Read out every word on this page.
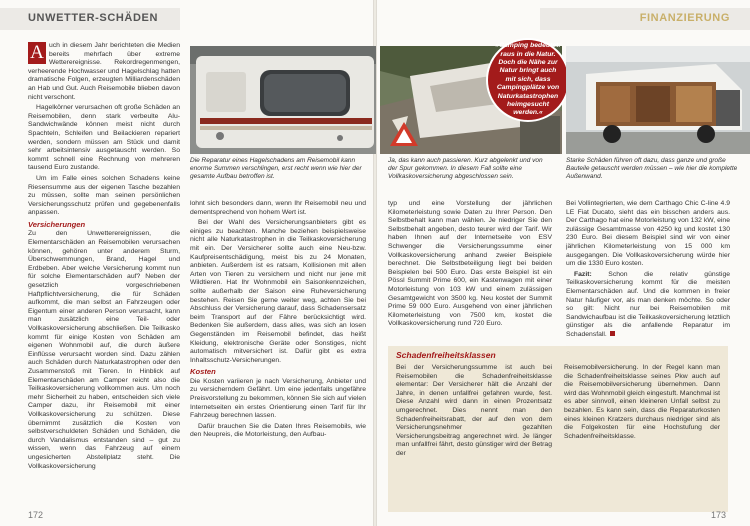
UNWETTER-SCHÄDEN	FINANZIERUNG

A uch in diesem Jahr berichteten die Medien bereits mehrfach über extreme Wetterereignisse. Rekordregenmengen, verheerende Hochwasser und Hagelschlag hatten dramatische Folgen, erzeugten Milliardenschäden an Hab und Gut. Auch Reisemobile blieben davon nicht verschont.

Hagelkörner verursachen oft große Schäden an Reisemobilen, denn stark verbeulte Alu-Sandwichwände können meist nicht durch Spachteln, Schleifen und Beilackieren repariert werden, sondern müssen am Stück und damit sehr arbeitsintensiv ausgetauscht werden. So kommt schnell eine Rechnung von mehreren tausend Euro zustande.

Um im Falle eines solchen Schadens keine Riesensumme aus der eigenen Tasche bezahlen zu müssen, sollte man seinen persönlichen Versicherungsschutz prüfen und gegebenenfalls anpassen.

Versicherungen

Zu den Unwetterereignissen, die Elementarschäden an Reisemobilen verursachen können, gehören unter anderem Sturm, Überschwemmungen, Brand, Hagel und Erdbeben. Aber welche Versicherung kommt nun für solche Elementarschäden auf? Neben der gesetzlich vorgeschriebenen Haftpflichtversicherung, die für Schäden aufkommt, die man selbst an Fahrzeugen oder Eigentum einer anderen Person verursacht, kann man zusätzlich eine Teil- oder Vollkaskoversicherung abschließen. Die Teilkasko kommt für einige Kosten von Schäden am eigenen Wohnmobil auf, die durch äußere Einflüsse verursacht worden sind. Dazu zählen auch Schäden durch Naturkatastrophen oder den Zusammenstoß mit Tieren. In Hinblick auf Elementarschäden am Camper reicht also die Teilkaskoversicherung vollkommen aus. Um noch mehr Sicherheit zu haben, entscheiden sich viele Camper dazu, ihr Reisemobil mit einer Vollkaskoversicherung zu schützen. Diese übernimmt zusätzlich die Kosten von selbstverschuldeten Schäden und Schäden, die durch Vandalismus entstanden sind – gut zu wissen, wenn das Fahrzeug auf einem ungesicherten Abstellplatz steht. Die Vollkaskoversicherung

Die Reparatur eines Hagelschadens am Reisemobil kann enorme Summen verschlingen, erst recht wenn wie hier der gesamte Aufbau betroffen ist.

lohnt sich besonders dann, wenn Ihr Reisemobil neu und dementsprechend von hohem Wert ist.

Bei der Wahl des Versicherungsanbieters gibt es einiges zu beachten. Manche beziehen beispielsweise nicht alle Naturkatastrophen in die Teilkaskoversicherung mit ein. Der Versicherer sollte auch eine Neu-bzw. Kaufpreisentschädigung, meist bis zu 24 Monaten, anbieten. Außerdem ist es ratsam, Kollisionen mit allen Arten von Tieren zu versichern und nicht nur jene mit Wildtieren. Hat Ihr Wohnmobil ein Saisonkennzeichen, sollte außerhalb der Saison eine Ruheversicherung bestehen. Reisen Sie gerne weiter weg, achten Sie bei Abschluss der Versicherung darauf, dass Schadensersatz beim Transport auf der Fähre berücksichtigt wird. Bedenken Sie außerdem, dass alles, was sich an losen Gegenständen im Reisemobil befindet, das heißt Kleidung, elektronische Geräte oder Sonstiges, nicht automatisch mitversichert ist. Dafür gibt es extra Inhaltsschutz-Versicherungen.

Kosten

Die Kosten variieren je nach Versicherung, Anbieter und zu versicherndem Gefährt. Um eine jedenfalls ungefähre Preisvorstellung zu bekommen, können Sie sich auf vielen Internetseiten ein erstes Orientierung einen Tarif für Ihr Fahrzeug berechnen lassen.

Dafür brauchen Sie die Daten Ihres Reisemobils, wie den Neupreis, die Motorleistung, den Aufbau-

172
Ja, das kann auch passieren. Kurz abgelenkt und von der Spur gekommen. In diesem Fall sollte eine Vollkaskoversicherung abgeschlossen sein.
»Camping bedeutet: raus in die Natur. Doch die Nähe zur Natur bringt auch mit sich, dass Campingplätze von Naturkatastrophen heimgesucht werden.«
Starke Schäden führen oft dazu, dass ganze und große Bauteile getauscht werden müssen – wie hier die komplette Außenwand.

typ und eine Vorstellung der jährlichen Kilometerleistung sowie Daten zu Ihrer Person. Den Selbstbehalt kann man wählen. Je niedriger Sie den Selbstbehalt angeben, desto teurer wird der Tarif. Wir haben Ihnen auf der Internetseite von ESV Schwenger die Versicherungssumme einer Vollkaskoversicherung anhand zweier Beispiele berechnet. Die Selbstbeteiligung liegt bei beiden Beispielen bei 500 Euro. Das erste Beispiel ist ein Pössl Summit Prime 600, ein Kastenwagen mit einer Motorleistung von 103 kW und einem zulässigen Gesamtgewicht von 3500 kg. Neu kostet der Summit Prime 59 000 Euro. Ausgehend von einer jährlichen Kilometerleistung von 7500 km, kostet die Vollkaskoversicherung rund 720 Euro.

Bei Vollintegrierten, wie dem Carthago Chic C-line 4.9 LE Fiat Ducato, sieht das ein bisschen anders aus. Der Carthago hat eine Motorleistung von 132 kW, eine zulässige Gesamtmasse von 4250 kg und kostet 130 230 Euro. Bei diesem Beispiel sind wir von einer jährlichen Kilometerleistung von 15 000 km ausgegangen. Die Vollkaskoversicherung würde hier um die 1330 Euro kosten.

Fazit: Schon die relativ günstige Teilkaskoversicherung kommt für die meisten Elementarschäden auf. Und die kommen in freier Natur häufiger vor, als man denken möchte. So oder so gilt: Nicht nur bei Reisemobilen mit Sandwichaufbau ist die Teilkaskoversicherung letztlich günstiger als die anfallende Reparatur im Schadensfall.

Schadenfreiheitsklassen

Bei der Versicherungssumme ist auch bei Reisemobilen die Schadenfreiheitsklasse elementar: Der Versicherer hält die Anzahl der Jahre, in denen unfallfrei gefahren wurde, fest. Diese Anzahl wird dann in einen Prozentsatz umgerechnet. Dies nennt man den Schadenfreiheitsrabatt, der auf den von dem Versicherungsnehmer gezahlten Versicherungsbeitrag angerechnet wird. Je länger man unfallfrei fährt, desto günstiger wird der Betrag der

Reisemobilversicherung. In der Regel kann man die Schadenfreiheitsklasse seines Pkw auch auf die Reisemobilversicherung übernehmen. Dann wird das Wohnmobil gleich eingestuft. Manchmal ist es aber sinnvoll, einen kleineren Unfall selbst zu bezahlen. Es kann sein, dass die Reparaturkosten eines kleinen Kratzers durchaus niedriger sind als die Folgekosten für eine Hochstufung der Schadenfreiheitsklasse.

173
